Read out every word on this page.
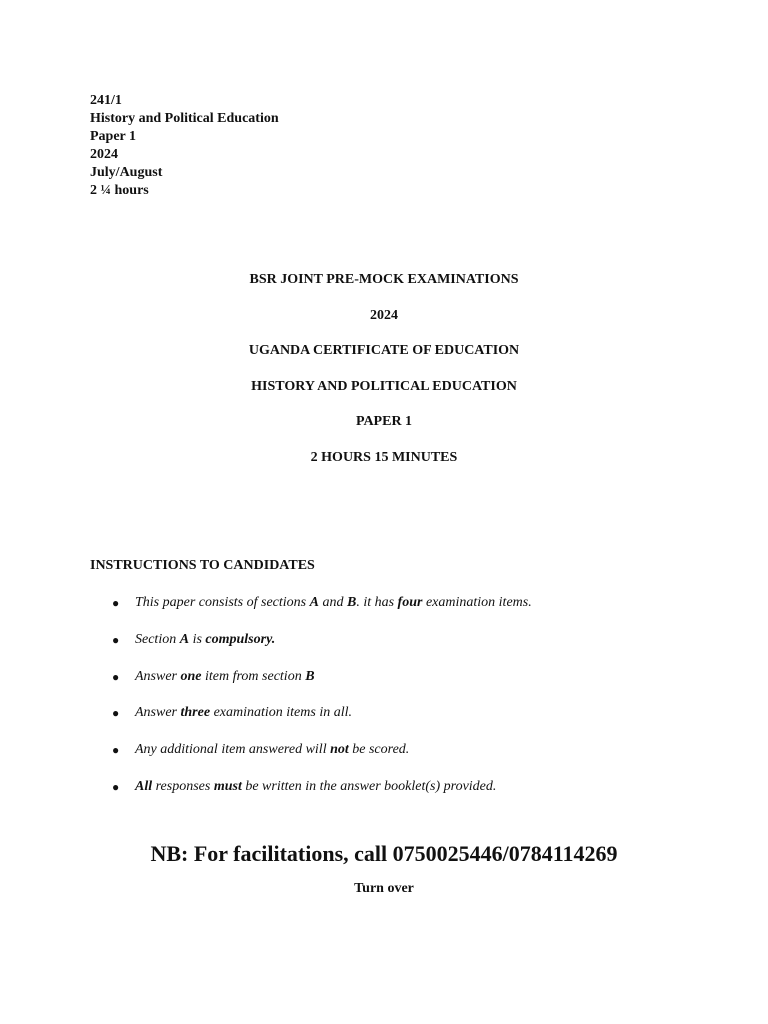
241/1
History and Political Education
Paper 1
2024
July/August
2 ¼ hours
BSR JOINT PRE-MOCK EXAMINATIONS
2024
UGANDA CERTIFICATE OF EDUCATION
HISTORY AND POLITICAL EDUCATION
PAPER 1
2 HOURS 15 MINUTES
INSTRUCTIONS TO CANDIDATES
● This paper consists of sections A and B. it has four examination items.
● Section A is compulsory.
● Answer one item from section B
● Answer three examination items in all.
● Any additional item answered will not be scored.
● All responses must be written in the answer booklet(s) provided.
NB: For facilitations, call 0750025446/0784114269
Turn over
